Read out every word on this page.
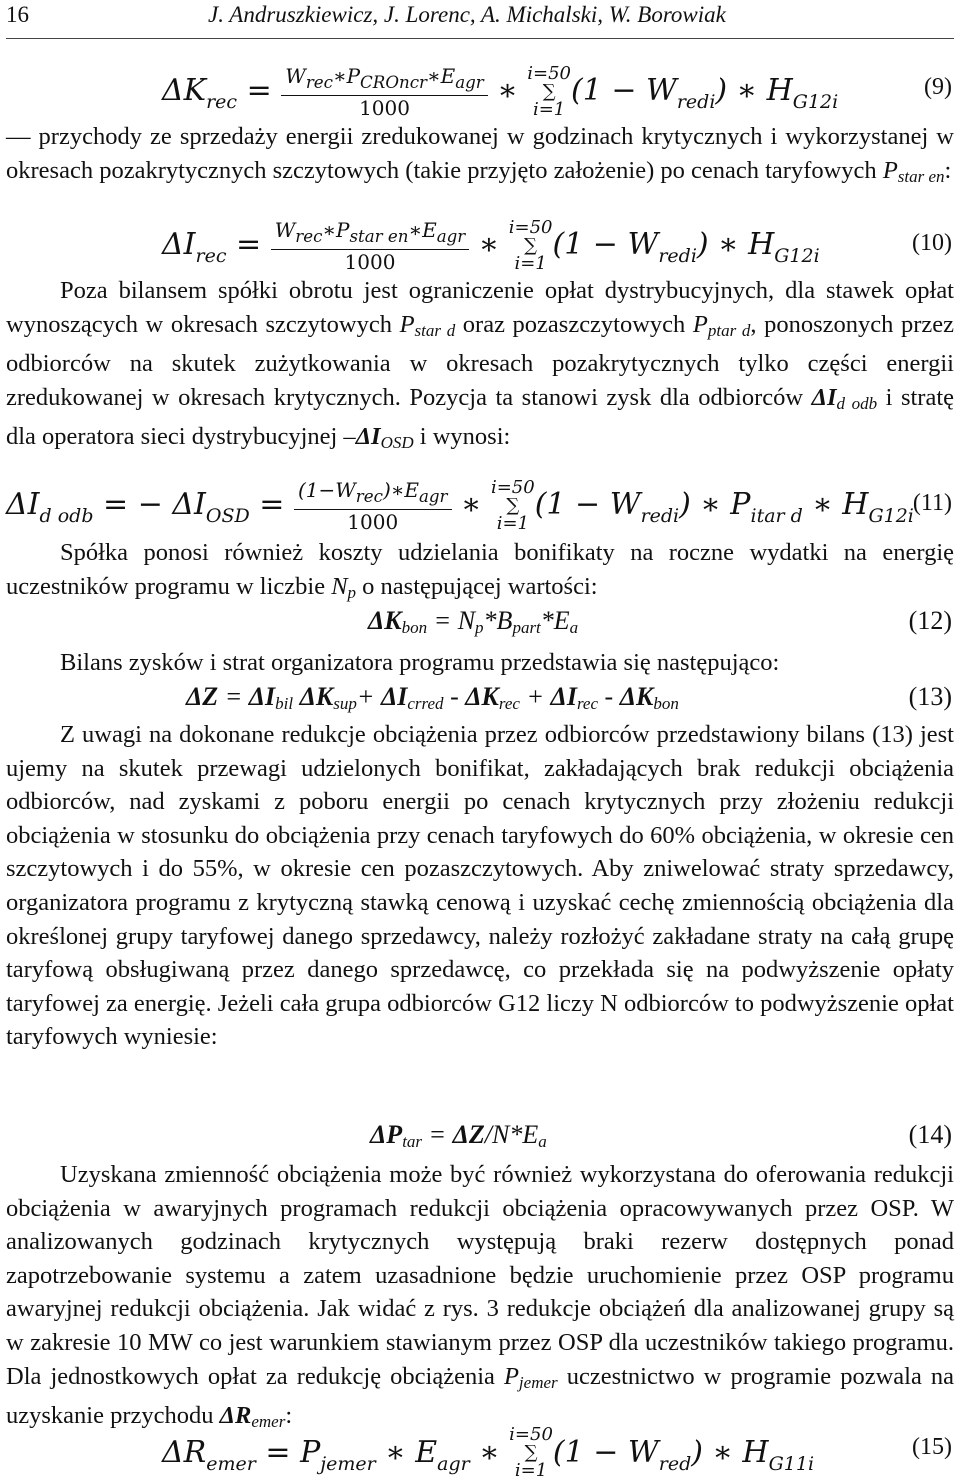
16	J. Andruszkiewicz, J. Lorenc, A. Michalski, W. Borowiak
$\Delta K_{rec} = \frac{W_{rec}∗P_{CROncr}∗E_{agr}}{1000}$ ∗ i=50
∑
$i=1(1 - W_{redi})$ ∗ $H_{G12i}$
(9)
— przychody ze sprzedaży energii zredukowanej w godzinach krytycznych i wykorzystanej w okresach pozakrytycznych szczytowych (takie przyjęto założenie) po cenach taryfowych Pstar en:
$\Delta I_{rec} = \frac{W_{rec}∗P_{star en}∗E_{agr}}{1000}$ ∗ i=50
∑
$i=1(1 - W_{redi})$ ∗ $H_{G12i}$	(10)
Poza bilansem spółki obrotu jest ograniczenie opłat dystrybucyjnych, dla stawek opłat wynoszących w okresach szczytowych Pstar d oraz pozaszczytowych Pptar d, ponoszonych przez odbiorców na skutek zużytkowania w okresach pozakrytycznych tylko części energii zredukowanej w okresach krytycznych. Pozycja ta stanowi zysk dla odbiorców ΔId odb i stratę dla operatora sieci dystrybucyjnej –ΔIOSD i wynosi:
$\Delta I_{d odb}$ = − $\Delta I_{OSD} = \frac{(1-W_{rec})∗E_{agr}}{1000}$ ∗ i=50
∑
$i=1(1 - W_{redi})$ ∗ $P_{itar d}$ ∗ $H_{G12i}$ (11)
Spółka ponosi również koszty udzielania bonifikaty na roczne wydatki na energię uczestników programu w liczbie Np o następującej wartości:
ΔKbon = Np*Bpart*Ea	(12)
Bilans zysków i strat organizatora programu przedstawia się następująco:
ΔZ = ΔIbil ΔKsup+ ΔIcrred - ΔKrec + ΔIrec - ΔKbon	(13)
Z uwagi na dokonane redukcje obciążenia przez odbiorców przedstawiony bilans (13) jest ujemy na skutek przewagi udzielonych bonifikat, zakładających brak redukcji obciążenia odbiorców, nad zyskami z poboru energii po cenach krytycznych przy złożeniu redukcji obciążenia w stosunku do obciążenia przy cenach taryfowych do 60% obciążenia, w okresie cen szczytowych i do 55%, w okresie cen pozaszczytowych. Aby zniwelować straty sprzedawcy, organizatora programu z krytyczną stawką cenową i uzyskać cechę zmiennością obciążenia dla określonej grupy taryfowej danego sprzedawcy, należy rozłożyć zakładane straty na całą grupę taryfową obsługiwaną przez danego sprzedawcę, co przekłada się na podwyższenie opłaty taryfowej za energię. Jeżeli cała grupa odbiorców G12 liczy N odbiorców to podwyższenie opłat taryfowych wyniesie:
ΔPtar = ΔZ/N*Ea	(14)
Uzyskana zmienność obciążenia może być również wykorzystana do oferowania redukcji obciążenia w awaryjnych programach redukcji obciążenia opracowywanych przez OSP. W analizowanych godzinach krytycznych występują braki rezerw dostępnych ponad zapotrzebowanie systemu a zatem uzasadnione będzie uruchomienie przez OSP programu awaryjnej redukcji obciążenia. Jak widać z rys. 3 redukcje obciążeń dla analizowanej grupy są w zakresie 10 MW co jest warunkiem stawianym przez OSP dla uczestników takiego programu. Dla jednostkowych opłat za redukcję obciążenia Pjemer uczestnictwo w programie pozwala na uzyskanie przychodu ΔRemer:
$\Delta R_{emer} = P_{jemer}$ ∗ $E_{agr}$ ∗ i=50
∑
$i=1(1 - W_{red})$ ∗ $H_{G11i}$
(15)
